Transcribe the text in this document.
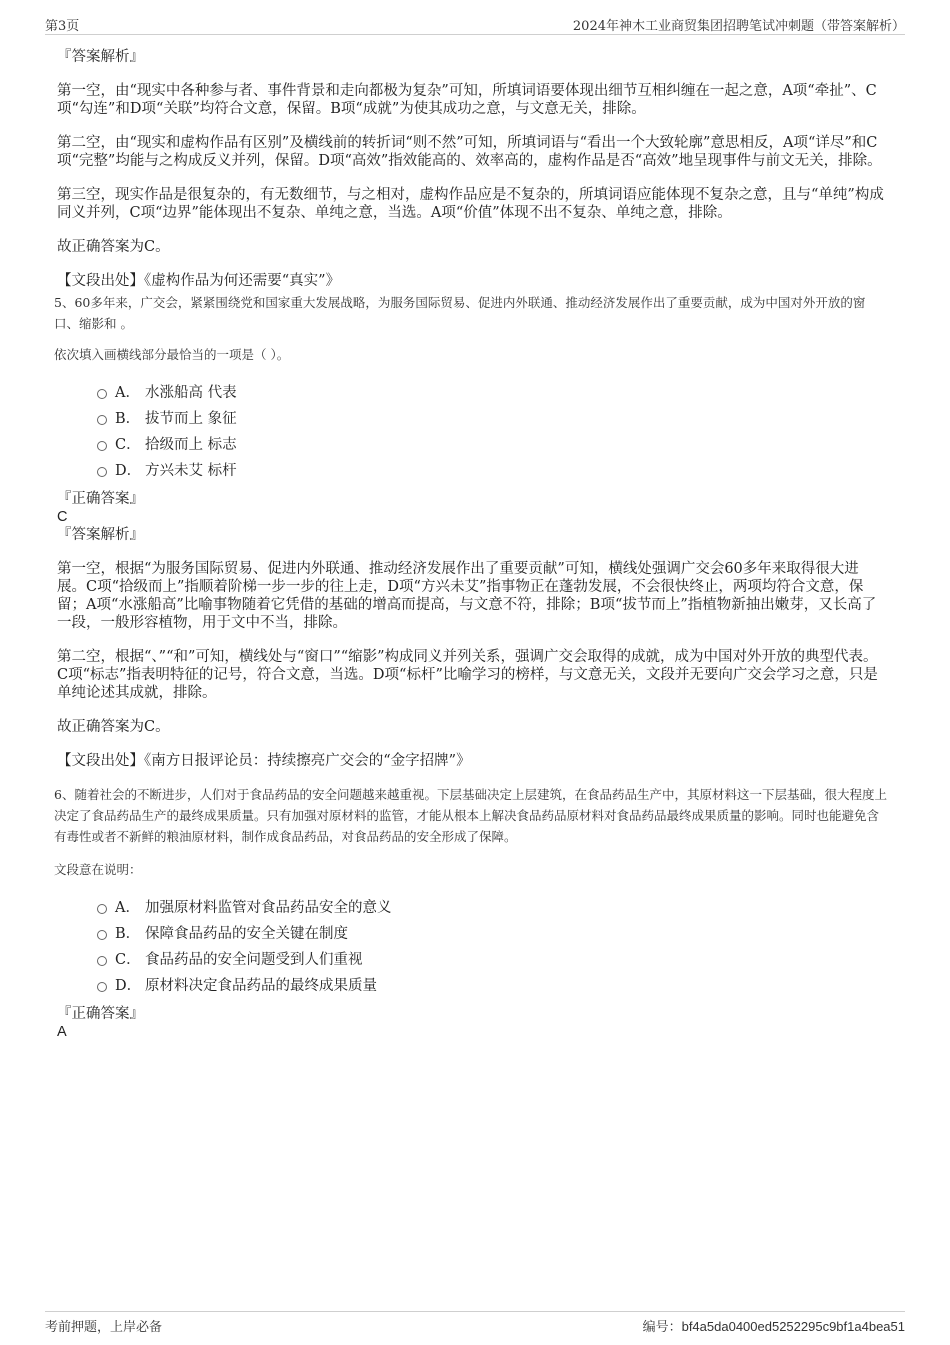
第3页	2024年神木工业商贸集团招聘笔试冲刺题（带答案解析）

『答案解析』

第一空，由“现实中各种参与者、事件背景和走向都极为复杂”可知，所填词语要体现出细节互相纠缠在一起之意，A项“牵扯”、C项“勾连”和D项“关联”均符合文意，保留。B项“成就”为使其成功之意，与文意无关，排除。

第二空，由“现实和虚构作品有区别”及横线前的转折词“则不然”可知，所填词语与“看出一个大致轮廓”意思相反，A项“详尽”和C项“完整”均能与之构成反义并列，保留。D项“高效”指效能高的、效率高的，虚构作品是否“高效”地呈现事件与前文无关，排除。

第三空，现实作品是很复杂的，有无数细节，与之相对，虚构作品应是不复杂的，所填词语应能体现不复杂之意，且与“单纯”构成同义并列，C项“边界”能体现出不复杂、单纯之意，当选。A项“价值”体现不出不复杂、单纯之意，排除。

故正确答案为C。

【文段出处】《虚构作品为何还需要“真实”》

5、60多年来，广交会，紧紧围绕党和国家重大发展战略，为服务国际贸易、促进内外联通、推动经济发展作出了重要贡献，成为中国对外开放的窗口、缩影和 。

依次填入画横线部分最恰当的一项是（ ）。

A． 水涨船高 代表
B． 拔节而上 象征
C． 拾级而上 标志
D． 方兴未艾 标杆

『正确答案』

C

『答案解析』

第一空，根据“为服务国际贸易、促进内外联通、推动经济发展作出了重要贡献”可知，横线处强调广交会60多年来取得很大进展。C项“拾级而上”指顺着阶梯一步一步的往上走，D项“方兴未艾”指事物正在蓬勃发展，不会很快终止，两项均符合文意，保留；A项“水涨船高”比喻事物随着它凭借的基础的增高而提高，与文意不符，排除；B项“拔节而上”指植物新抽出嫩芽，又长高了一段，一般形容植物，用于文中不当，排除。

第二空，根据“、”“和”可知，横线处与“窗口”“缩影”构成同义并列关系，强调广交会取得的成就，成为中国对外开放的典型代表。C项“标志”指表明特征的记号，符合文意，当选。D项“标杆”比喻学习的榜样，与文意无关，文段并无要向广交会学习之意，只是单纯论述其成就，排除。

故正确答案为C。

【文段出处】《南方日报评论员：持续擦亮广交会的“金字招牌”》

6、随着社会的不断进步，人们对于食品药品的安全问题越来越重视。下层基础决定上层建筑，在食品药品生产中，其原材料这一下层基础，很大程度上决定了食品药品生产的最终成果质量。只有加强对原材料的监管，才能从根本上解决食品药品原材料对食品药品最终成果质量的影响。同时也能避免含有毒性或者不新鲜的粮油原材料，制作成食品药品，对食品药品的安全形成了保障。

文段意在说明：

A． 加强原材料监管对食品药品安全的意义
B． 保障食品药品的安全关键在制度
C． 食品药品的安全问题受到人们重视
D． 原材料决定食品药品的最终成果质量

『正确答案』

A

考前押题，上岸必备	编号：bf4a5da0400ed5252295c9bf1a4bea51
